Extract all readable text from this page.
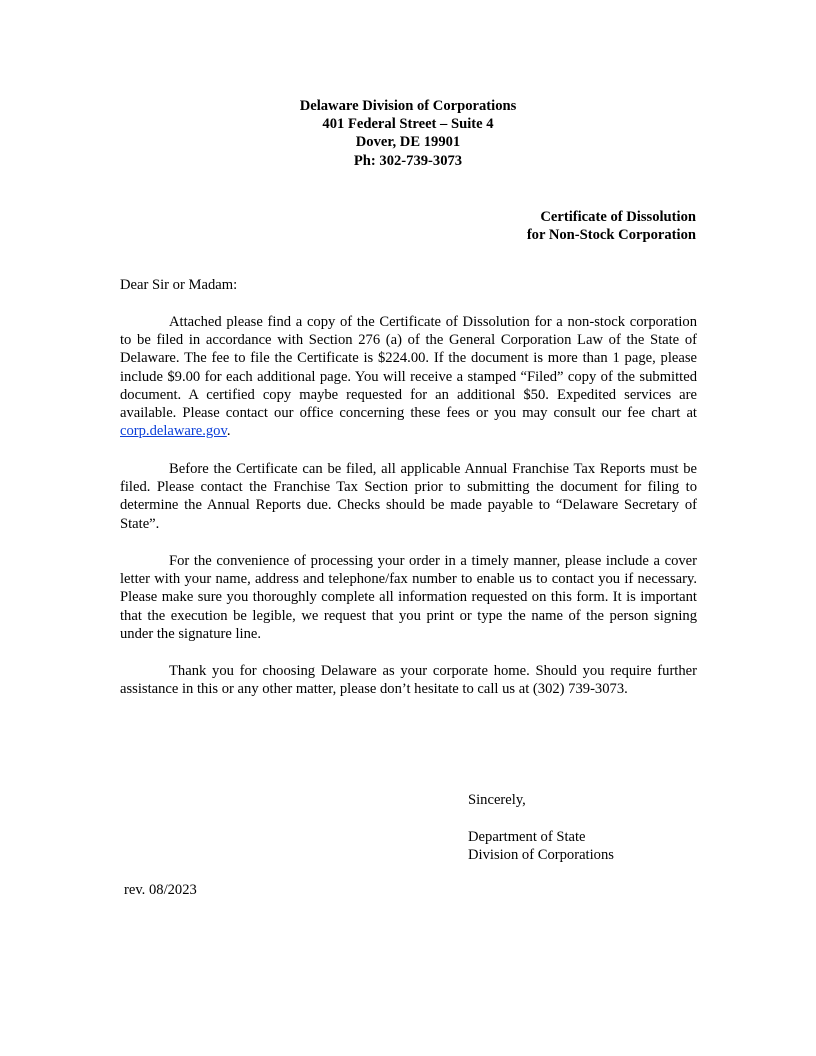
Delaware Division of Corporations
401 Federal Street – Suite 4
Dover, DE 19901
Ph: 302-739-3073
Certificate of Dissolution
for Non-Stock Corporation
Dear Sir or Madam:

Attached please find a copy of the Certificate of Dissolution for a non-stock corporation to be filed in accordance with Section 276 (a) of the General Corporation Law of the State of Delaware. The fee to file the Certificate is $224.00. If the document is more than 1 page, please include $9.00 for each additional page. You will receive a stamped “Filed” copy of the submitted document. A certified copy maybe requested for an additional $50. Expedited services are available. Please contact our office concerning these fees or you may consult our fee chart at corp.delaware.gov.

Before the Certificate can be filed, all applicable Annual Franchise Tax Reports must be filed. Please contact the Franchise Tax Section prior to submitting the document for filing to determine the Annual Reports due. Checks should be made payable to “Delaware Secretary of State”.

For the convenience of processing your order in a timely manner, please include a cover letter with your name, address and telephone/fax number to enable us to contact you if necessary. Please make sure you thoroughly complete all information requested on this form. It is important that the execution be legible, we request that you print or type the name of the person signing under the signature line.

Thank you for choosing Delaware as your corporate home. Should you require further assistance in this or any other matter, please don’t hesitate to call us at (302) 739-3073.

Sincerely,
Department of State
Division of Corporations
rev. 08/2023
